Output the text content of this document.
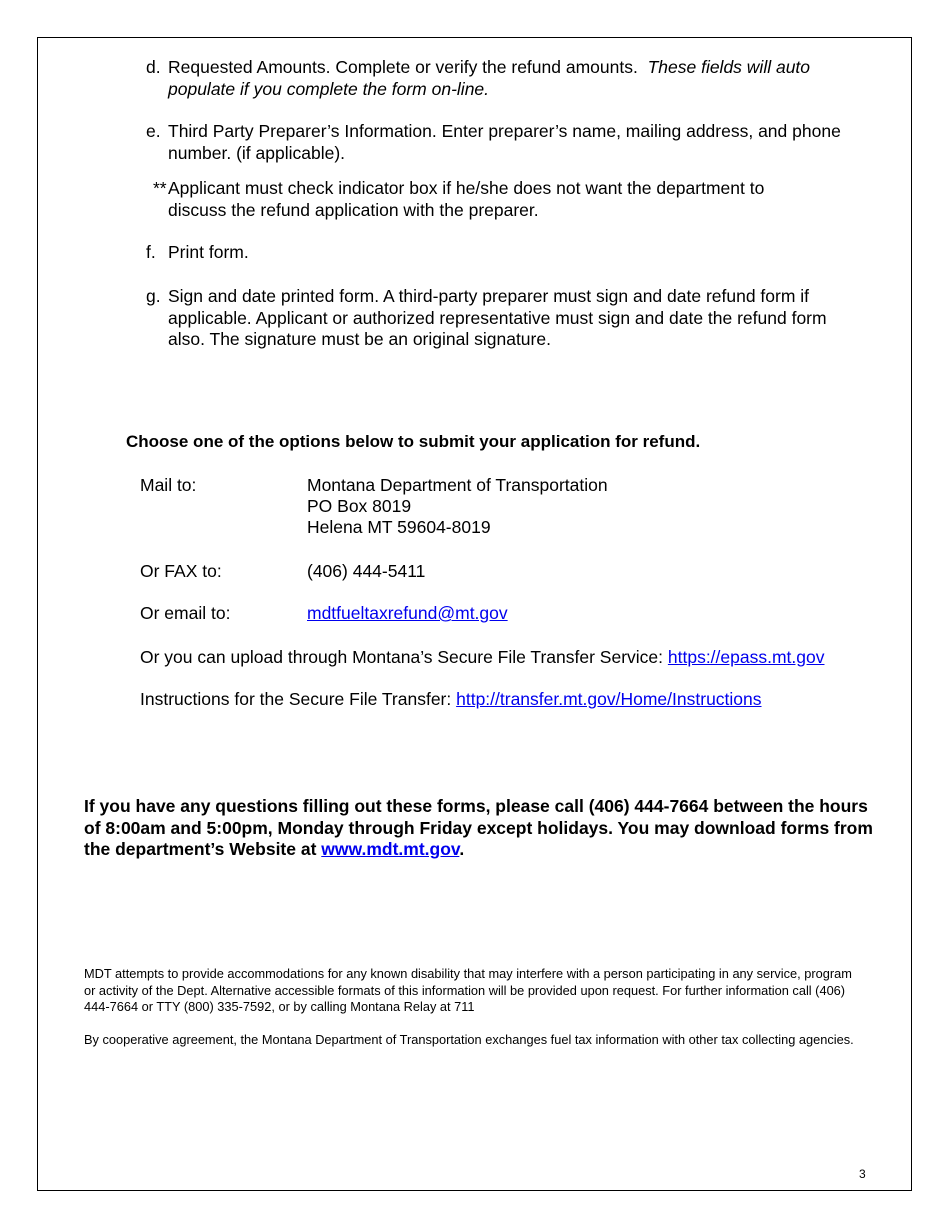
d. Requested Amounts. Complete or verify the refund amounts. These fields will auto populate if you complete the form on-line.
e. Third Party Preparer’s Information. Enter preparer’s name, mailing address, and phone number. (if applicable).
** Applicant must check indicator box if he/she does not want the department to discuss the refund application with the preparer.
f. Print form.
g. Sign and date printed form. A third-party preparer must sign and date refund form if applicable. Applicant or authorized representative must sign and date the refund form also. The signature must be an original signature.
Choose one of the options below to submit your application for refund.
Mail to:	Montana Department of Transportation
PO Box 8019
Helena MT 59604-8019
Or FAX to:	(406) 444-5411
Or email to:	mdtfueltaxrefund@mt.gov
Or you can upload through Montana’s Secure File Transfer Service: https://epass.mt.gov
Instructions for the Secure File Transfer: http://transfer.mt.gov/Home/Instructions
If you have any questions filling out these forms, please call (406) 444-7664 between the hours of 8:00am and 5:00pm, Monday through Friday except holidays. You may download forms from the department’s Website at www.mdt.mt.gov.
MDT attempts to provide accommodations for any known disability that may interfere with a person participating in any service, program or activity of the Dept. Alternative accessible formats of this information will be provided upon request. For further information call (406) 444-7664 or TTY (800) 335-7592, or by calling Montana Relay at 711
By cooperative agreement, the Montana Department of Transportation exchanges fuel tax information with other tax collecting agencies.
3
